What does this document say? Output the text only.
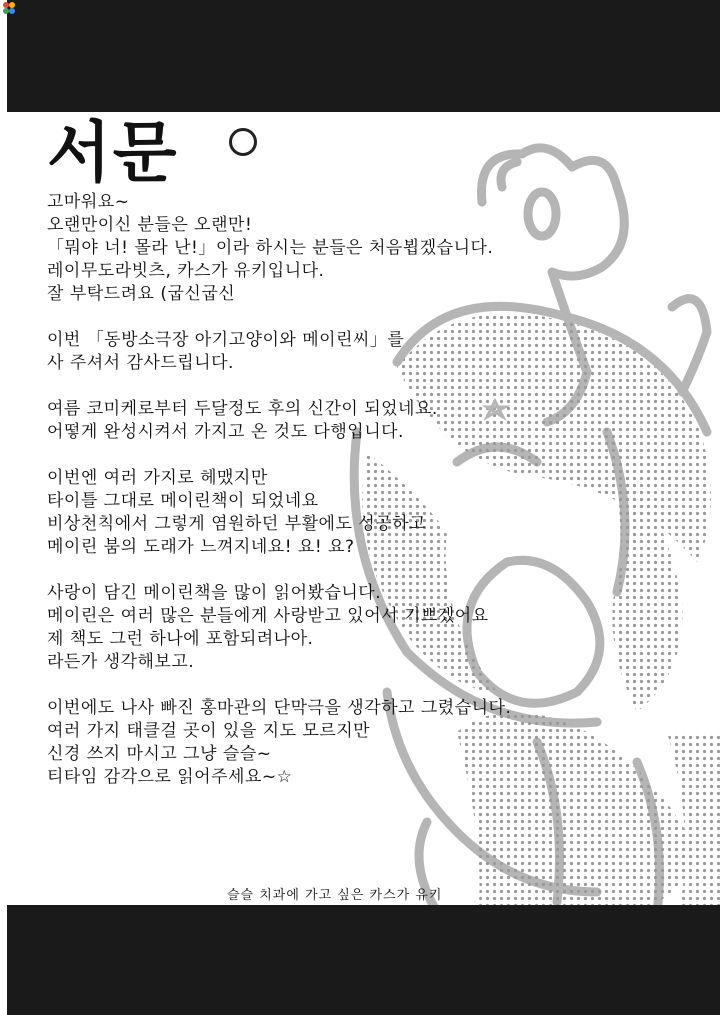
서문

고마워요~

오랜만이신 분들은 오랜만!

「뭐야 너! 몰라 난!」이라 하시는 분들은 처음뵙겠습니다.

레이무도라빗츠, 카스가 유키입니다.

잘 부탁드려요 (굽신굽신

이번 「동방소극장 아기고양이와 메이린씨」를

사 주셔서 감사드립니다.

여름 코미케로부터 두달정도 후의 신간이 되었네요.

어떻게 완성시켜서 가지고 온 것도 다행입니다.

이번엔 여러 가지로 헤맸지만

타이틀 그대로 메이린책이 되었네요

비상천칙에서 그렇게 염원하던 부활에도 성공하고

메이린 붐의 도래가 느껴지네요! 요! 요?

사랑이 담긴 메이린책을 많이 읽어봤습니다.

메이린은 여러 많은 분들에게 사랑받고 있어서 기쁘겠어요

제 책도 그런 하나에 포함되려나아.

라든가 생각해보고.

이번에도 나사 빠진 홍마관의 단막극을 생각하고 그렸습니다.

여러 가지 태클걸 곳이 있을 지도 모르지만

신경 쓰지 마시고 그냥 슬슬~

티타임 감각으로 읽어주세요~☆

슬슬 치과에 가고 싶은 카스가 유키
